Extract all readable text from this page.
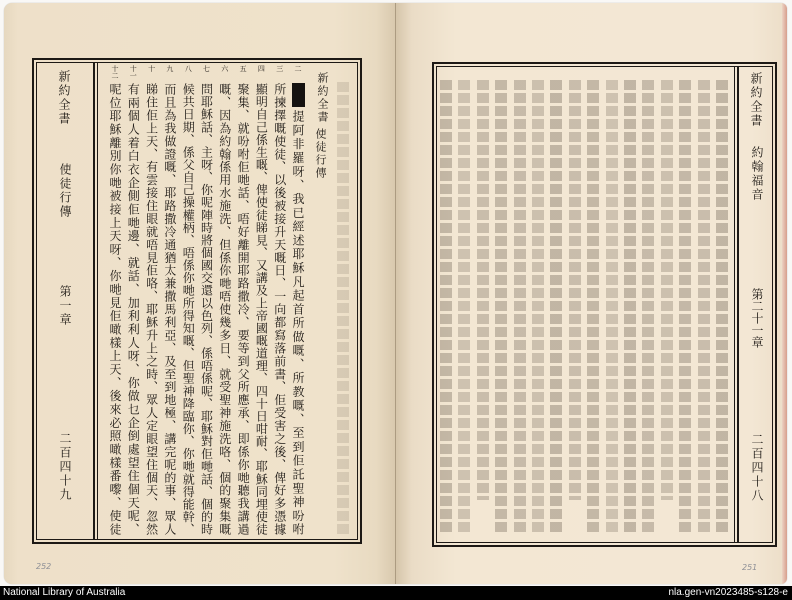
新約全書
使徒行傳
第一章
二百四十九
新約全書
使徒行傳
二
三
四
五
六
七
八
九
十
十一
十二
提阿非羅呀、我已經述耶穌凡起首所做嘅、所教嘅、至到佢託聖神吩咐
所揀擇嘅使徒、以後被接升天嘅日、一向都寫落前書、佢受害之後、俾好多憑據
顯明自己係生嘅、俾使徒睇見、又講及上帝國嘅道理、四十日咁耐、耶穌同埋使徒
聚集、就吩咐佢哋話、唔好離開耶路撒冷、要等到父所應承、即係你哋聽我講過
嘅、因為約翰係用水施洗、但係你哋唔使幾多日、就受聖神施洗咯、個的聚集嘅
問耶穌話、主呀、你呢陣時將個國交還以色列、係唔係呢、耶穌對佢哋話、個的時
候共日期、係父自己操權柄、唔係你哋所得知嘅、但聖神降臨你、你哋就得能幹、
而且為我做證嘅、耶路撒冷通猶太兼撒馬利亞、及至到地極、講完呢的事、眾人
睇住佢上天、有雲接住眼就唔見佢咯、耶穌升上之時、眾人定眼望住個天、忽然
有兩個人着白衣企側佢哋邊、就話、加利利人呀、你做乜企倒處望住個天呢、
呢位耶穌離別你哋被接上天呀、你哋見佢噉樣上天、後來必照噉樣番嚟、使徒
252
新約全書
約翰福音
第二十一章
二百四十八
251
National Library of Australia	nla.gen-vn2023485-s128-e
